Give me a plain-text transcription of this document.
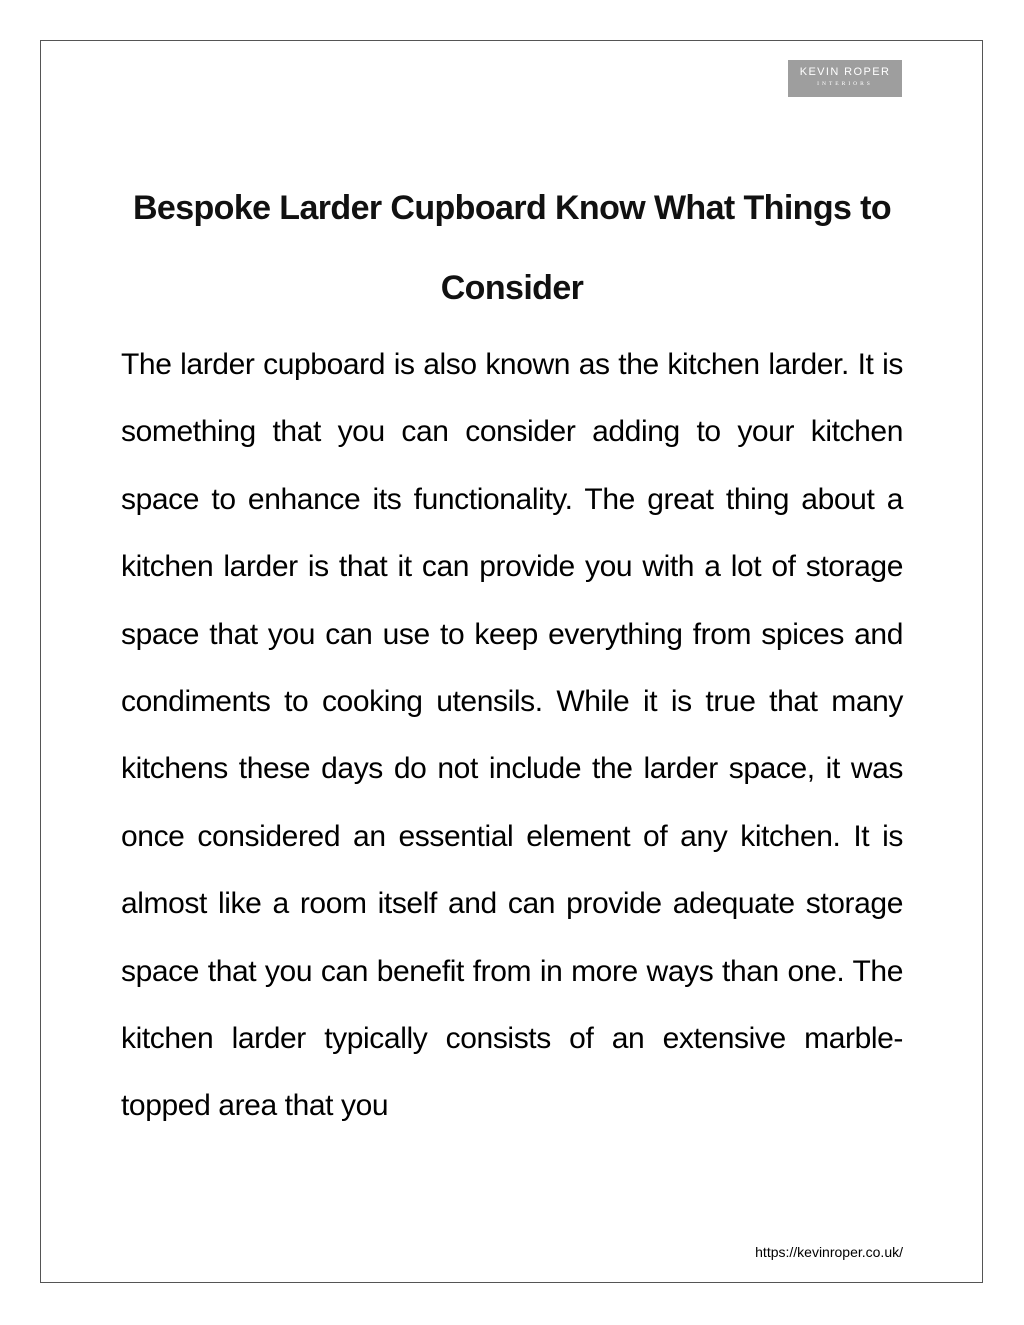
KEVIN ROPER
INTERIORS
Bespoke Larder Cupboard Know What Things to Consider

The larder cupboard is also known as the kitchen larder. It is something that you can consider adding to your kitchen space to enhance its functionality. The great thing about a kitchen larder is that it can provide you with a lot of storage space that you can use to keep everything from spices and condiments to cooking utensils. While it is true that many kitchens these days do not include the larder space, it was once considered an essential element of any kitchen. It is almost like a room itself and can provide adequate storage space that you can benefit from in more ways than one. The kitchen larder typically consists of an extensive marble-topped area that you

https://kevinroper.co.uk/
